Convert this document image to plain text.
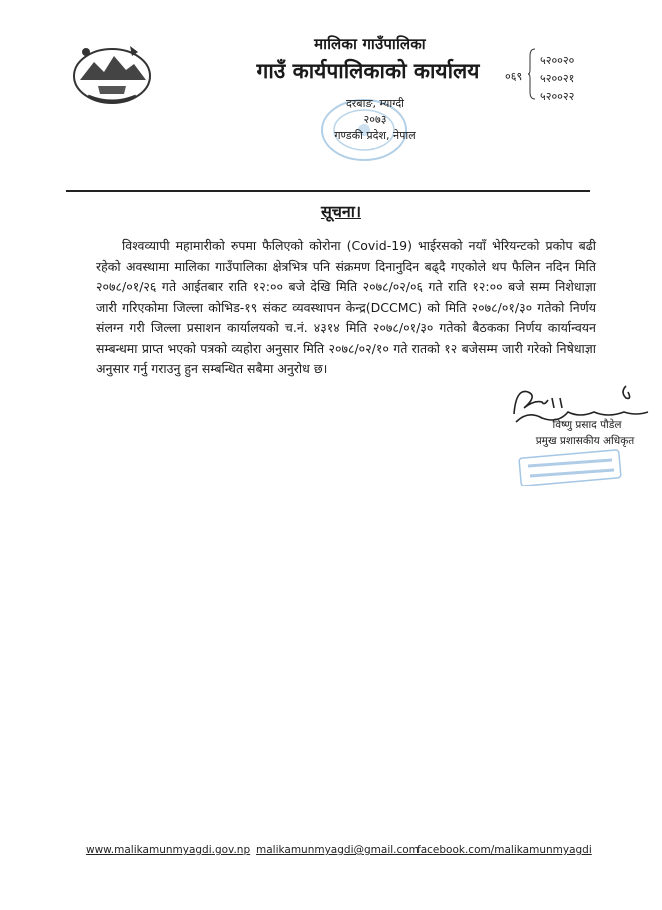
मालिका गाउँपालिका
गाउँ कार्यपालिकाको कार्यालय
दरबाङ, म्याग्दी
२०७३
गण्डकी प्रदेश, नेपाल
०६९
५२००२०
५२००२१
५२००२२
सूचना।
विश्वव्यापी महामारीको रुपमा फैलिएको कोरोना (Covid-19) भाईरसको नयाँ भेरियन्टको प्रकोप बढी रहेको अवस्थामा मालिका गाउँपालिका क्षेत्रभित्र पनि संक्रमण दिनानुदिन बढ्दै गएकोले थप फैलिन नदिन मिति २०७८/०१/२६ गते आईतबार राति १२:०० बजे देखि मिति २०७८/०२/०६ गते राति १२:०० बजे सम्म निशेधाज्ञा जारी गरिएकोमा जिल्ला कोभिड-१९ संकट व्यवस्थापन केन्द्र(DCCMC) को मिति २०७८/०१/३० गतेको निर्णय संलग्न गरी जिल्ला प्रसाशन कार्यालयको च.नं. ४३१४ मिति २०७८/०१/३० गतेको बैठकका निर्णय कार्यान्वयन सम्बन्धमा प्राप्त भएको पत्रको व्यहोरा अनुसार मिति २०७८/०२/१० गते रातको १२ बजेसम्म जारी गरेको निषेधाज्ञा अनुसार गर्नु गराउनु हुन सम्बन्धित सबैमा अनुरोध छ।
विष्णु प्रसाद पौडेल
प्रमुख प्रशासकीय अधिकृत
www.malikamunmyagdi.gov.np malikamunmyagdi@gmail.com
facebook.com/malikamunmyagdi
